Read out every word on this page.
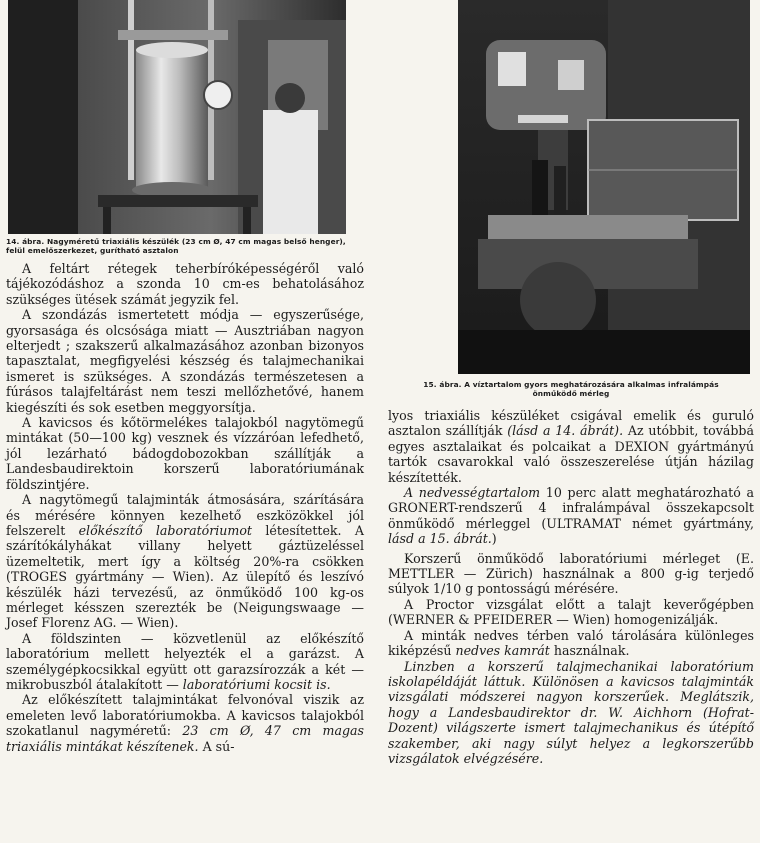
14. ábra. Nagyméretű triaxiális készülék (23 cm Ø, 47 cm magas belső henger), felül emelőszerkezet, gurítható asztalon

A feltárt rétegek teherbíróképességéről való tájékozódáshoz a szonda 10 cm-es behatolásához szükséges ütések számát jegyzik fel.

A szondázás ismertetett módja — egyszerűsége, gyorsasága és olcsósága miatt — Ausztriában nagyon elterjedt ; szakszerű alkalmazásához azonban bizonyos tapasztalat, megfigyelési készség és talajmechanikai ismeret is szükséges. A szondázás természetesen a fúrásos talajfeltárást nem teszi mellőzhetővé, hanem kiegészíti és sok esetben meggyorsítja.

A kavicsos és kőtörmelékes talajokból nagytömegű mintákat (50—100 kg) vesznek és vízzáróan lefedhető, jól lezárható bádogdobozokban szállítják a Landesbaudirektoin korszerű laboratóriumának földszintjére.

A nagytömegű talajminták átmosására, szárítására és mérésére könnyen kezelhető eszközökkel jól felszerelt előkészítő laboratóriumot létesítettek. A szárítókályhákat villany helyett gáztüzeléssel üzemeltetik, mert így a költség 20%-ra csökken (TROGES gyártmány — Wien). Az ülepítő és leszívó készülék házi tervezésű, az önműködő 100 kg-os mérleget késszen szerezték be (Neigungswaage — Josef Florenz AG. — Wien).

A földszinten — közvetlenül az előkészítő laboratórium mellett helyezték el a garázst. A személygépkocsikkal együtt ott garazsírozzák a két — mikrobuszból átalakított — laboratóriumi kocsit is.

Az előkészített talajmintákat felvonóval viszik az emeleten levő laboratóriumokba. A kavicsos talajokból szokatlanul nagyméretű: 23 cm Ø, 47 cm magas triaxiális mintákat készítenek. A sú-

15. ábra. A víztartalom gyors meghatározására alkalmas infralámpás
önműködő mérleg

lyos triaxiális készüléket csigával emelik és guruló asztalon szállítják (lásd a 14. ábrát). Az utóbbit, továbbá egyes asztalaikat és polcaikat a DEXION gyártmányú tartók csavarokkal való összeszerelése útján házilag készítették.

A nedvességtartalom 10 perc alatt meghatározható a GRONERT-rendszerű 4 infralámpával összekapcsolt önműködő mérleggel (ULTRAMAT német gyártmány, lásd a 15. ábrát.)

Korszerű önműködő laboratóriumi mérleget (E. METTLER — Zürich) használnak a 800 g-ig terjedő súlyok 1/10 g pontosságú mérésére.

A Proctor vizsgálat előtt a talajt keverőgépben (WERNER & PFEIDERER — Wien) homogenizálják.

A minták nedves térben való tárolására különleges kiképzésű nedves kamrát használnak.

Linzben a korszerű talajmechanikai laboratórium iskolapéldáját láttuk. Különösen a kavicsos talajminták vizsgálati módszerei nagyon korszerűek. Meglátszik, hogy a Landesbaudirektor dr. W. Aichhorn (Hofrat-Dozent) világszerte ismert talajmechanikus és útépítő szakember, aki nagy súlyt helyez a legkorszerűbb vizsgálatok elvégzésére.
